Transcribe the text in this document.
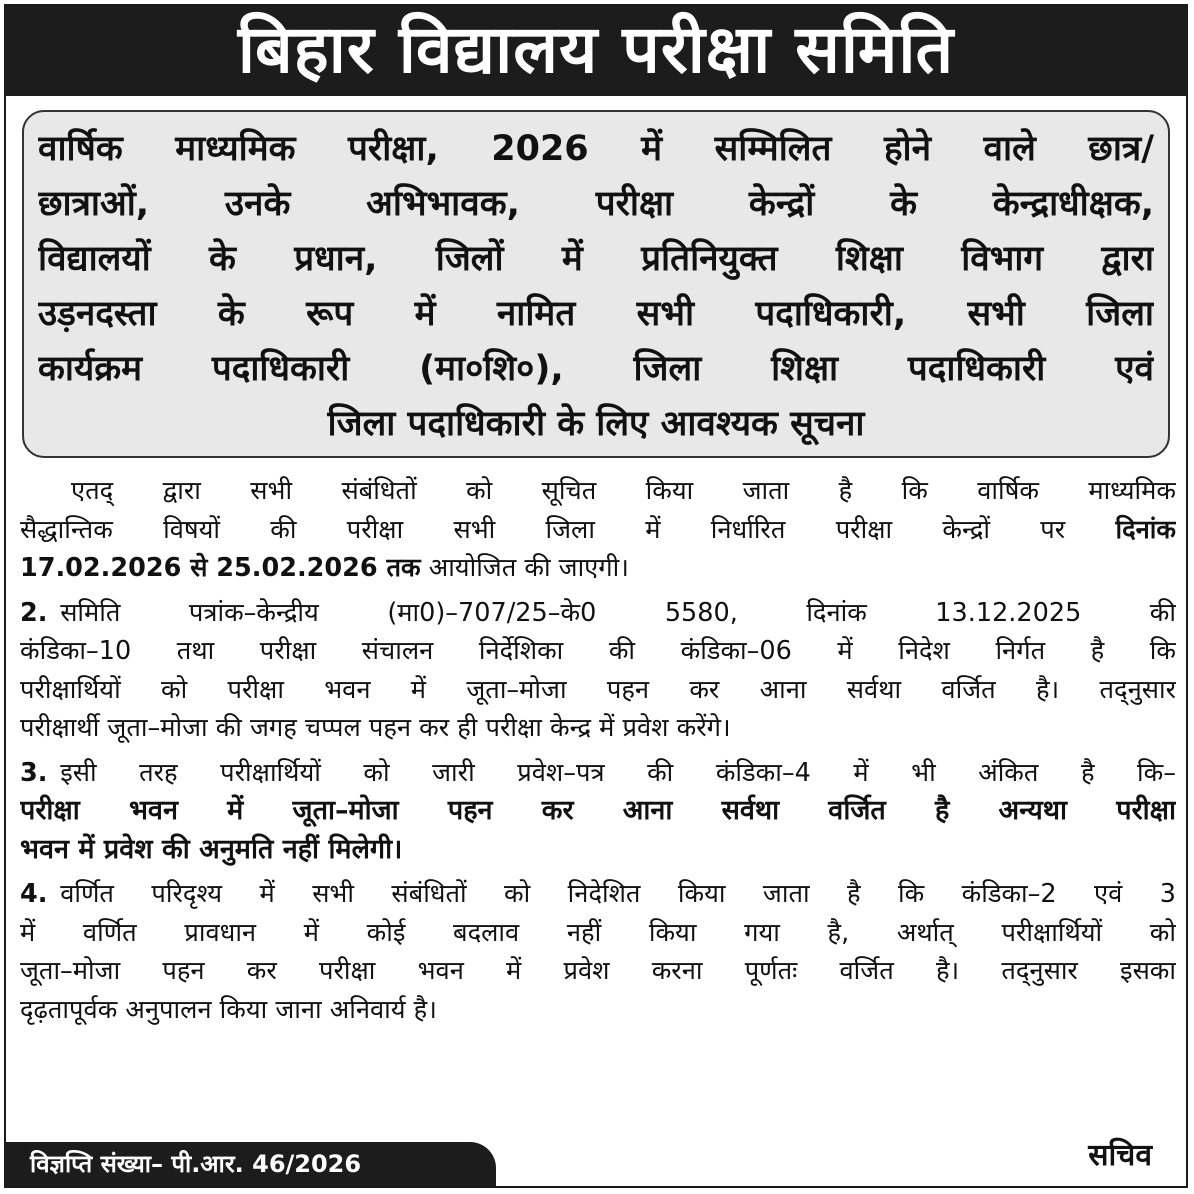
बिहार विद्यालय परीक्षा समिति
वार्षिक माध्यमिक परीक्षा, 2026 में सम्मिलित होने वाले छात्र/
छात्राओं, उनके अभिभावक, परीक्षा केन्द्रों के केन्द्राधीक्षक,
विद्यालयों के प्रधान, जिलों में प्रतिनियुक्त शिक्षा विभाग द्वारा
उड़नदस्ता के रूप में नामित सभी पदाधिकारी, सभी जिला
कार्यक्रम पदाधिकारी (मा०शि०), जिला शिक्षा पदाधिकारी एवं
जिला पदाधिकारी के लिए आवश्यक सूचना
  एतद् द्वारा सभी संबंधितों को सूचित किया जाता है कि वार्षिक माध्यमिक
सैद्धान्तिक विषयों की परीक्षा सभी जिला में निर्धारित परीक्षा केन्द्रों पर दिनांक
17.02.2026 से 25.02.2026 तक आयोजित की जाएगी।
2.  समिति पत्रांक–केन्द्रीय (मा0)–707/25–के0 5580, दिनांक 13.12.2025 की
कंडिका–10 तथा परीक्षा संचालन निर्देशिका की कंडिका–06 में निदेश निर्गत है कि
परीक्षार्थियों को परीक्षा भवन में जूता–मोजा पहन कर आना सर्वथा वर्जित है। तद्नुसार
परीक्षार्थी जूता–मोजा की जगह चप्पल पहन कर ही परीक्षा केन्द्र में प्रवेश करेंगे।
3.  इसी तरह परीक्षार्थियों को जारी प्रवेश–पत्र की कंडिका–4 में भी अंकित है कि–
परीक्षा भवन में जूता–मोजा पहन कर आना सर्वथा वर्जित है अन्यथा परीक्षा
भवन में प्रवेश की अनुमति नहीं मिलेगी।
4.  वर्णित परिदृश्य में सभी संबंधितों को निदेशित किया जाता है कि कंडिका–2 एवं 3
में वर्णित प्रावधान में कोई बदलाव नहीं किया गया है, अर्थात् परीक्षार्थियों को
जूता–मोजा पहन कर परीक्षा भवन में प्रवेश करना पूर्णतः वर्जित है। तद्नुसार इसका
दृढ़तापूर्वक अनुपालन किया जाना अनिवार्य है।
विज्ञप्ति संख्या– पी.आर. 46/2026	सचिव
